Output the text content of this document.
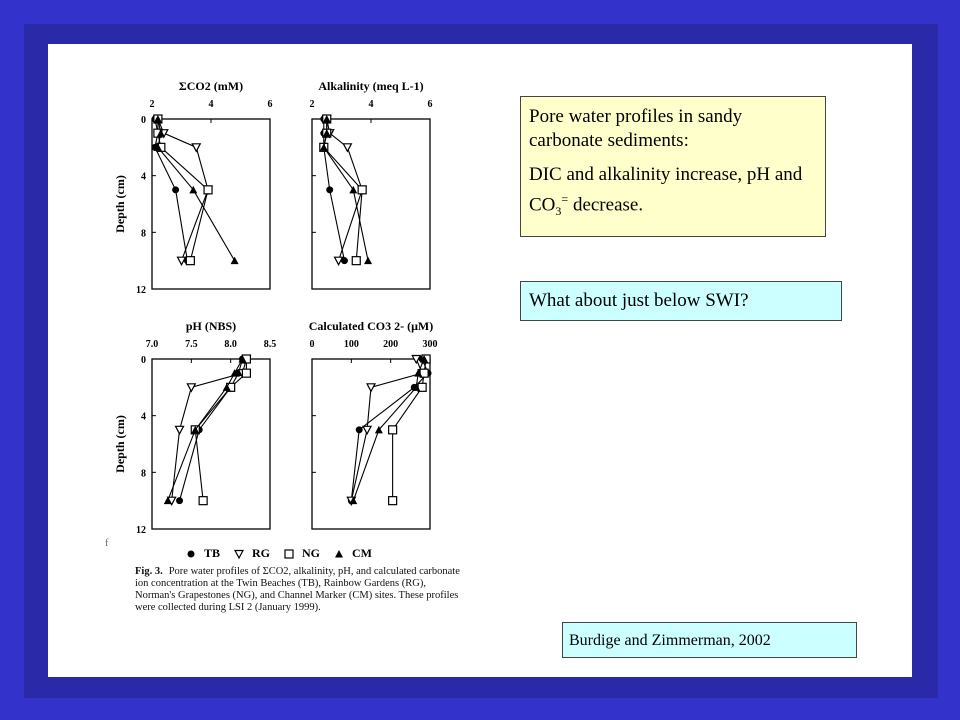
ΣCO2 (mM)
2	4	6
0
4
8
12
Depth (cm)
Alkalinity (meq L-1)
2	4	6
pH (NBS)
7.0	7.5	8.0	8.5
0
4
8
12
Depth (cm)
Calculated CO3 2- (μM)
0	100 200 300
f
TB	RG	NG	CM
Fig. 3. Pore water profiles of ΣCO2, alkalinity, pH, and calculated carbonate ion concentration at the Twin Beaches (TB), Rainbow Gardens (RG), Norman's Grapestones (NG), and Channel Marker (CM) sites. These profiles were collected during LSI 2 (January 1999).

Pore water profiles in sandy carbonate sediments:

DIC and alkalinity increase, pH and $CO_3^=$ decrease.

What about just below SWI?
Burdige and Zimmerman, 2002
